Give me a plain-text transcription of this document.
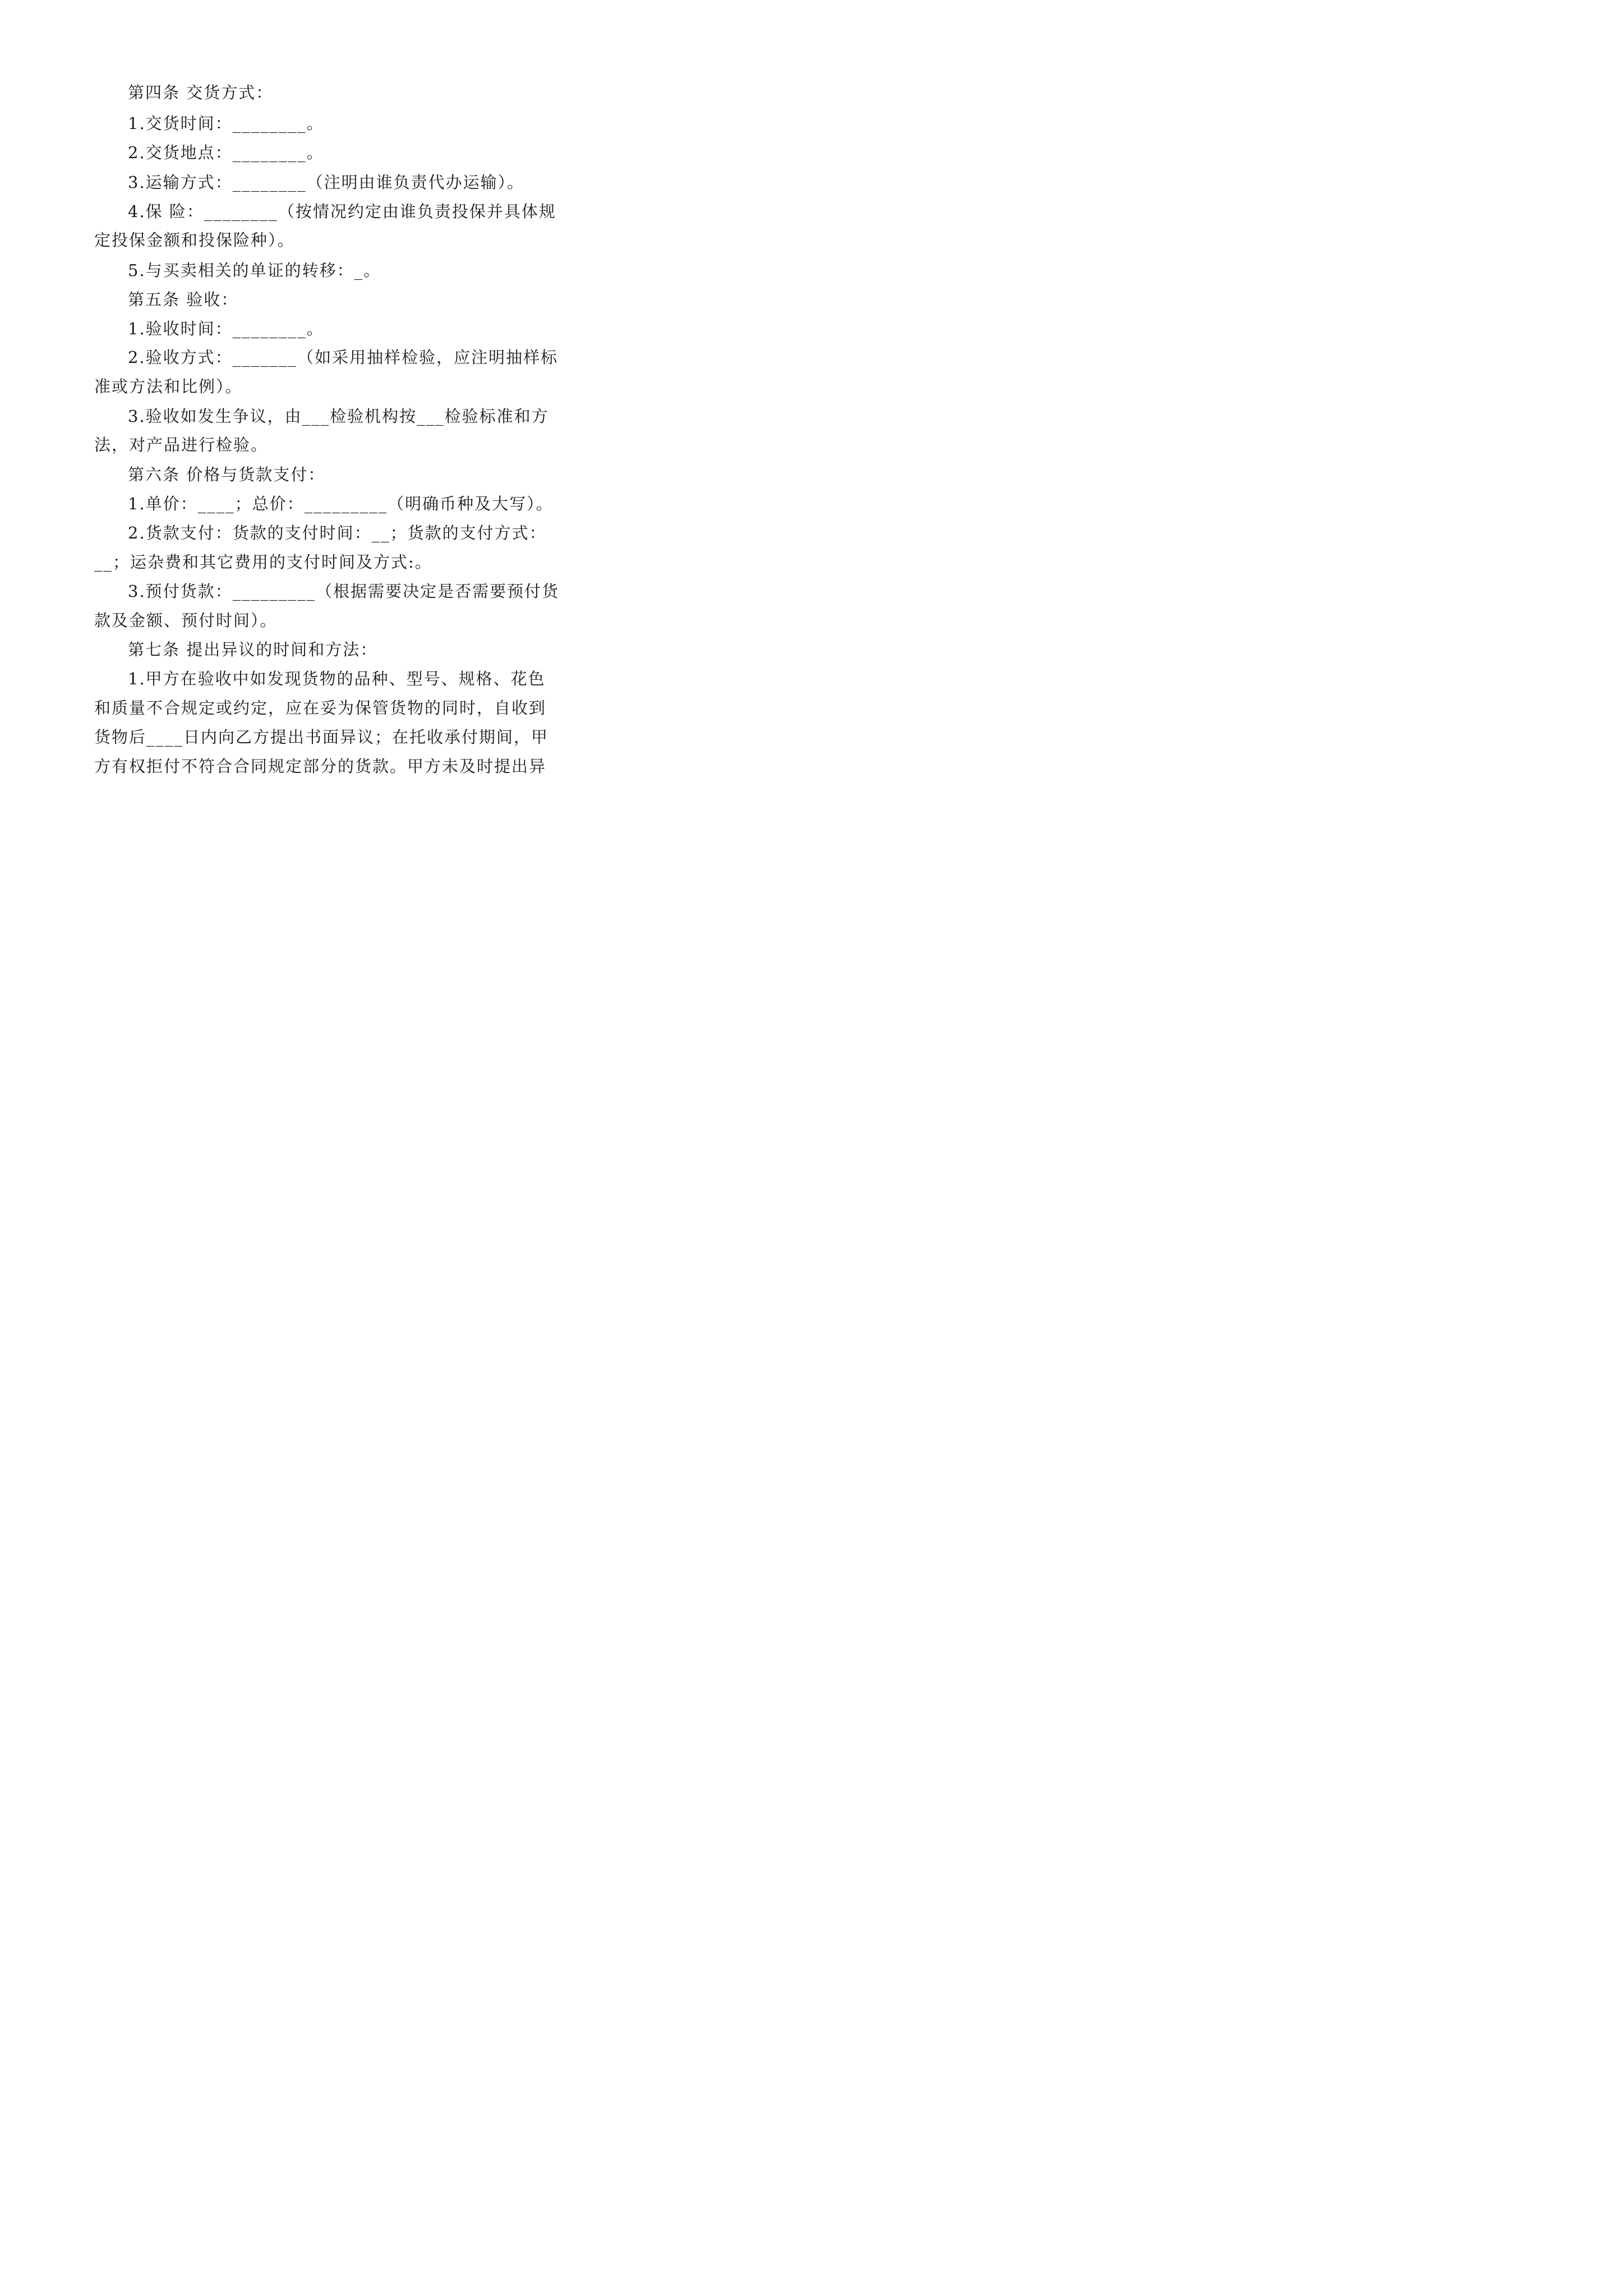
第四条 交货方式：

1.交货时间：________。

2.交货地点：________。

3.运输方式：________（注明由谁负责代办运输）。

4.保 险：________（按情况约定由谁负责投保并具体规

定投保金额和投保险种）。

5.与买卖相关的单证的转移：_。

第五条 验收：

1.验收时间：________。

2.验收方式：_______（如采用抽样检验，应注明抽样标

准或方法和比例）。

3.验收如发生争议，由___检验机构按___检验标准和方

法，对产品进行检验。

第六条 价格与货款支付：

1.单价：____；总价：_________（明确币种及大写）。

2.货款支付：货款的支付时间：__；货款的支付方式：

__；运杂费和其它费用的支付时间及方式:。

3.预付货款：_________（根据需要决定是否需要预付货

款及金额、预付时间）。

第七条 提出异议的时间和方法：

1.甲方在验收中如发现货物的品种、型号、规格、花色

和质量不合规定或约定，应在妥为保管货物的同时，自收到

货物后____日内向乙方提出书面异议；在托收承付期间，甲

方有权拒付不符合合同规定部分的货款。甲方未及时提出异
